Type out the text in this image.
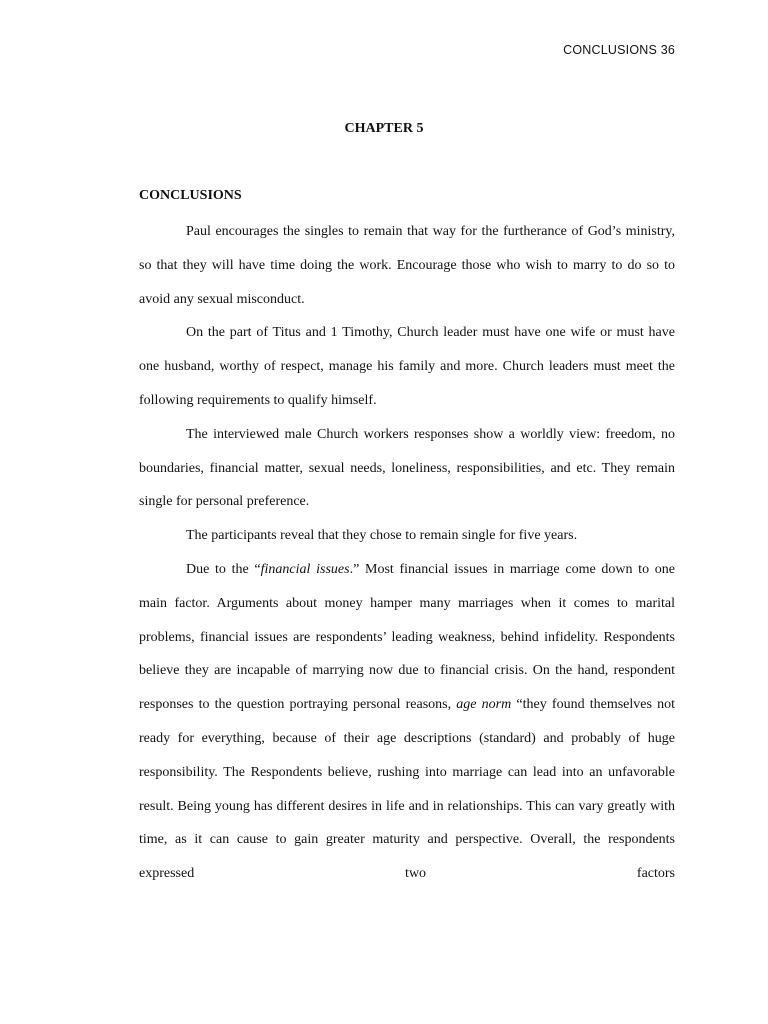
CONCLUSIONS 36
CHAPTER 5
CONCLUSIONS

Paul encourages the singles to remain that way for the furtherance of God’s ministry, so that they will have time doing the work. Encourage those who wish to marry to do so to avoid any sexual misconduct.

On the part of Titus and 1 Timothy, Church leader must have one wife or must have one husband, worthy of respect, manage his family and more. Church leaders must meet the following requirements to qualify himself.

The interviewed male Church workers responses show a worldly view: freedom, no boundaries, financial matter, sexual needs, loneliness, responsibilities, and etc. They remain single for personal preference.

The participants reveal that they chose to remain single for five years.

Due to the “financial issues.” Most financial issues in marriage come down to one main factor. Arguments about money hamper many marriages when it comes to marital problems, financial issues are respondents’ leading weakness, behind infidelity. Respondents believe they are incapable of marrying now due to financial crisis. On the hand, respondent responses to the question portraying personal reasons, age norm “they found themselves not ready for everything, because of their age descriptions (standard) and probably of huge responsibility. The Respondents believe, rushing into marriage can lead into an unfavorable result. Being young has different desires in life and in relationships. This can vary greatly with time, as it can cause to gain greater maturity and perspective. Overall, the respondents expressed two factors
